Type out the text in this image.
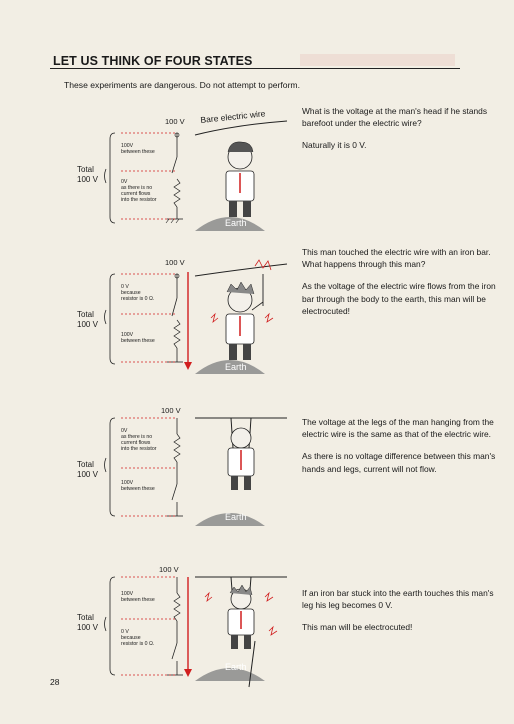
LET US THINK OF FOUR STATES
These experiments are dangerous. Do not attempt to perform.
Earth
100 V Bare electric wire
100V
between these
0V
as there is no
current flows
into the resistor
Total
100 V

What is the voltage at the man's head if he stands barefoot under the electric wire?

Naturally it is 0 V.

Earth
100 V
0 V
because
resistor is 0 Ω.
100V
between these
Total
100 V

This man touched the electric wire with an iron bar. What happens through this man?

As the voltage of the electric wire flows from the iron bar through the body to the earth, this man will be electrocuted!

Earth
100 V
0V
as there is no
current flows
into the resistor
100V
between these
Total
100 V

The voltage at the legs of the man hanging from the electric wire is the same as that of the electric wire.

As there is no voltage difference between this man's hands and legs, current will not flow.

Earth
100 V
100V
between these
0 V
because
resistor is 0 Ω.
Total
100 V

If an iron bar stuck into the earth touches this man's leg his leg becomes 0 V.

This man will be electrocuted!

28
